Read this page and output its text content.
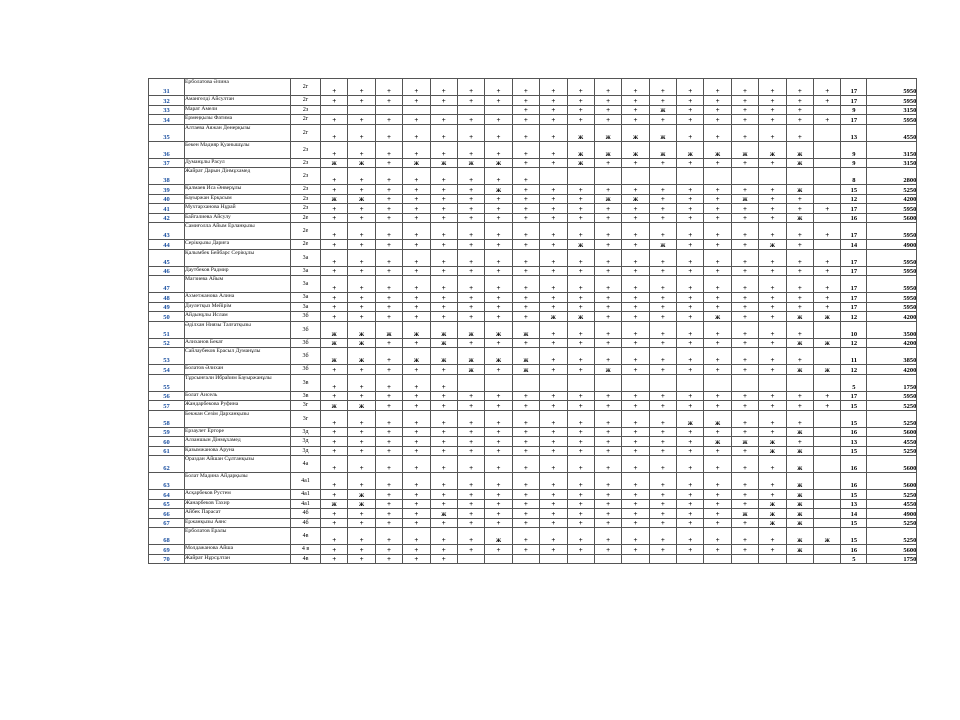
31	Ерболатова Әлина	2г	+	+	+	+	+	+	+	+	+	+	+	+	+	+	+	+	+	+	+	17	5950
32	Амангелді Айсултан	2г	+	+	+	+	+	+	+	+	+	+	+	+	+	+	+	+	+	+	+	17	5950
33	Марат Амели	2з								+	+	+	+	+	ж	+	+	+	+	+		9	3150
34	Ермеңқызы Фатима	2г	+	+	+	+	+	+	+	+	+	+	+	+	+	+	+	+	+	+	+	17	5950
35	Алтаева Аяжан Дөнерқызы	2г	+	+	+	+	+	+	+	+	+	ж	ж	ж	ж	+	+	+	+	+		13	4550
36	Бекен Мадияр Қуанышұлы	2з	+	+	+	+	+	+	+	+	+	ж	ж	ж	ж	ж	ж	ж	ж	ж		9	3150
37	Думанұлы Расул	2з	ж	ж	+	ж	ж	ж	ж	+	+	ж	+	+	+	+	+	+	+	ж		9	3150
38	Жайрат Дарын Дінмұхамед	2з	+	+	+	+	+	+	+	+												8	2800
39	Қалмаев Иса Әнверұлы	2з	+	+	+	+	+	+	ж	+	+	+	+	+	+	+	+	+	+	ж		15	5250
40	Бауыржан Ерқасым	2з	ж	ж	+	+	+	+	+	+	+	+	ж	ж	+	+	+	ж	+	+		12	4200
41	Мухтарханова Нұрай	2з	+	+	+	+	+	+	+	+	+	+	+	+	+	+	+	+	+	+	+	17	5950
42	Байгалиева Айсулу	2е	+	+	+	+	+	+	+	+	+	+	+	+	+	+	+	+	+	ж		16	5600
43	Самиғолла Айым Ерланқызы	2е	+	+	+	+	+	+	+	+	+	+	+	+	+	+	+	+	+	+	+	17	5950
44	Серікқызы Дариға	2е	+	+	+	+	+	+	+	+	+	ж	+	+	ж	+	+	+	ж	+		14	4900
45	Қалымбек Бейбарс Серікұлы	3а	+	+	+	+	+	+	+	+	+	+	+	+	+	+	+	+	+	+	+	17	5950
46	Даутбеков Радмир	3а	+	+	+	+	+	+	+	+	+	+	+	+	+	+	+	+	+	+	+	17	5950
47	Магзиева Айым	3а	+	+	+	+	+	+	+	+	+	+	+	+	+	+	+	+	+	+	+	17	5950
48	Ахметжанова Алина	3а	+	+	+	+	+	+	+	+	+	+	+	+	+	+	+	+	+	+	+	17	5950
49	Дәулетқыз Мейірім	3а	+	+	+	+	+	+	+	+	+	+	+	+	+	+	+	+	+	+	+	17	5950
50	Айдынұлы Ислам	3б	+	+	+	+	+	+	+	+	ж	ж	+	+	+	+	ж	+	+	ж	ж	12	4200
51	Әділхан Ниязы Талғатқызы	3б	ж	ж	ж	ж	ж	ж	ж	ж	+	+	+	+	+	+	+	+	+	+		10	3500
52	Алиханов Бекат	3б	ж	ж	+	+	ж	+	+	+	+	+	+	+	+	+	+	+	+	ж	ж	12	4200
53	Сайлаубеков Ерасыл Думанұлы	3б	ж	ж	+	ж	ж	ж	ж	ж	+	+	+	+	+	+	+	+	+	+		11	3850
54	Болатов Әлихан	3б	+	+	+	+	+	ж	+	ж	+	+	ж	+	+	+	+	+	+	ж	ж	12	4200
55	Тұрсынғали Ибраһим Бауыржанұлы	3в	+	+	+	+	+															5	1750
56	Болат Аисель	3в	+	+	+	+	+	+	+	+	+	+	+	+	+	+	+	+	+	+	+	17	5950
57	Жандарбекова Руфина	3г	ж	ж	+	+	+	+	+	+	+	+	+	+	+	+	+	+	+	+	+	15	5250
58	Бекжан Сезім Дарханқызы	3г	+	+	+	+	+	+	+	+	+	+	+	+	+	ж	ж	+	+	+		15	5250
59	Ерзаулет Ерторе	3д	+	+	+	+	+	+	+	+	+	+	+	+	+	+	+	+	+	ж		16	5600
60	Алзаншын Дінмұхамед	3д	+	+	+	+	+	+	+	+	+	+	+	+	+	+	ж	ж	ж	+		13	4550
61	Қазымжанова Аруна	3д	+	+	+	+	+	+	+	+	+	+	+	+	+	+	+	+	ж	ж		15	5250
62	Ораздан Айшан Сұлтанқызы	4а	+	+	+	+	+	+	+	+	+	+	+	+	+	+	+	+	+	ж		16	5600
63	Болат Мадина Айдарқызы	4а1	+	+	+	+	+	+	+	+	+	+	+	+	+	+	+	+	+	ж		16	5600
64	Асқарбеков Рустем	4а1	+	ж	+	+	+	+	+	+	+	+	+	+	+	+	+	+	+	ж		15	5250
65	Жанарбеков Тахир	4а1	ж	ж	+	+	+	+	+	+	+	+	+	+	+	+	+	+	ж	ж		13	4550
66	Айбек Парасат	4б	+	+	+	+	ж	+	+	+	+	+	+	+	+	+	+	ж	ж	ж		14	4900
67	Ержанқызы Аянс	4б	+	+	+	+	+	+	+	+	+	+	+	+	+	+	+	+	ж	ж		15	5250
68	Ерболатов Ералы	4в	+	+	+	+	+	+	ж	+	+	+	+	+	+	+	+	+	+	ж	ж	15	5250
69	Молдажанова Айша	4 в	+	+	+	+	+	+	+	+	+	+	+	+	+	+	+	+	+	ж		16	5600
70	Жайрат Нұрсұлтан	4в	+	+	+	+	+															5	1750
